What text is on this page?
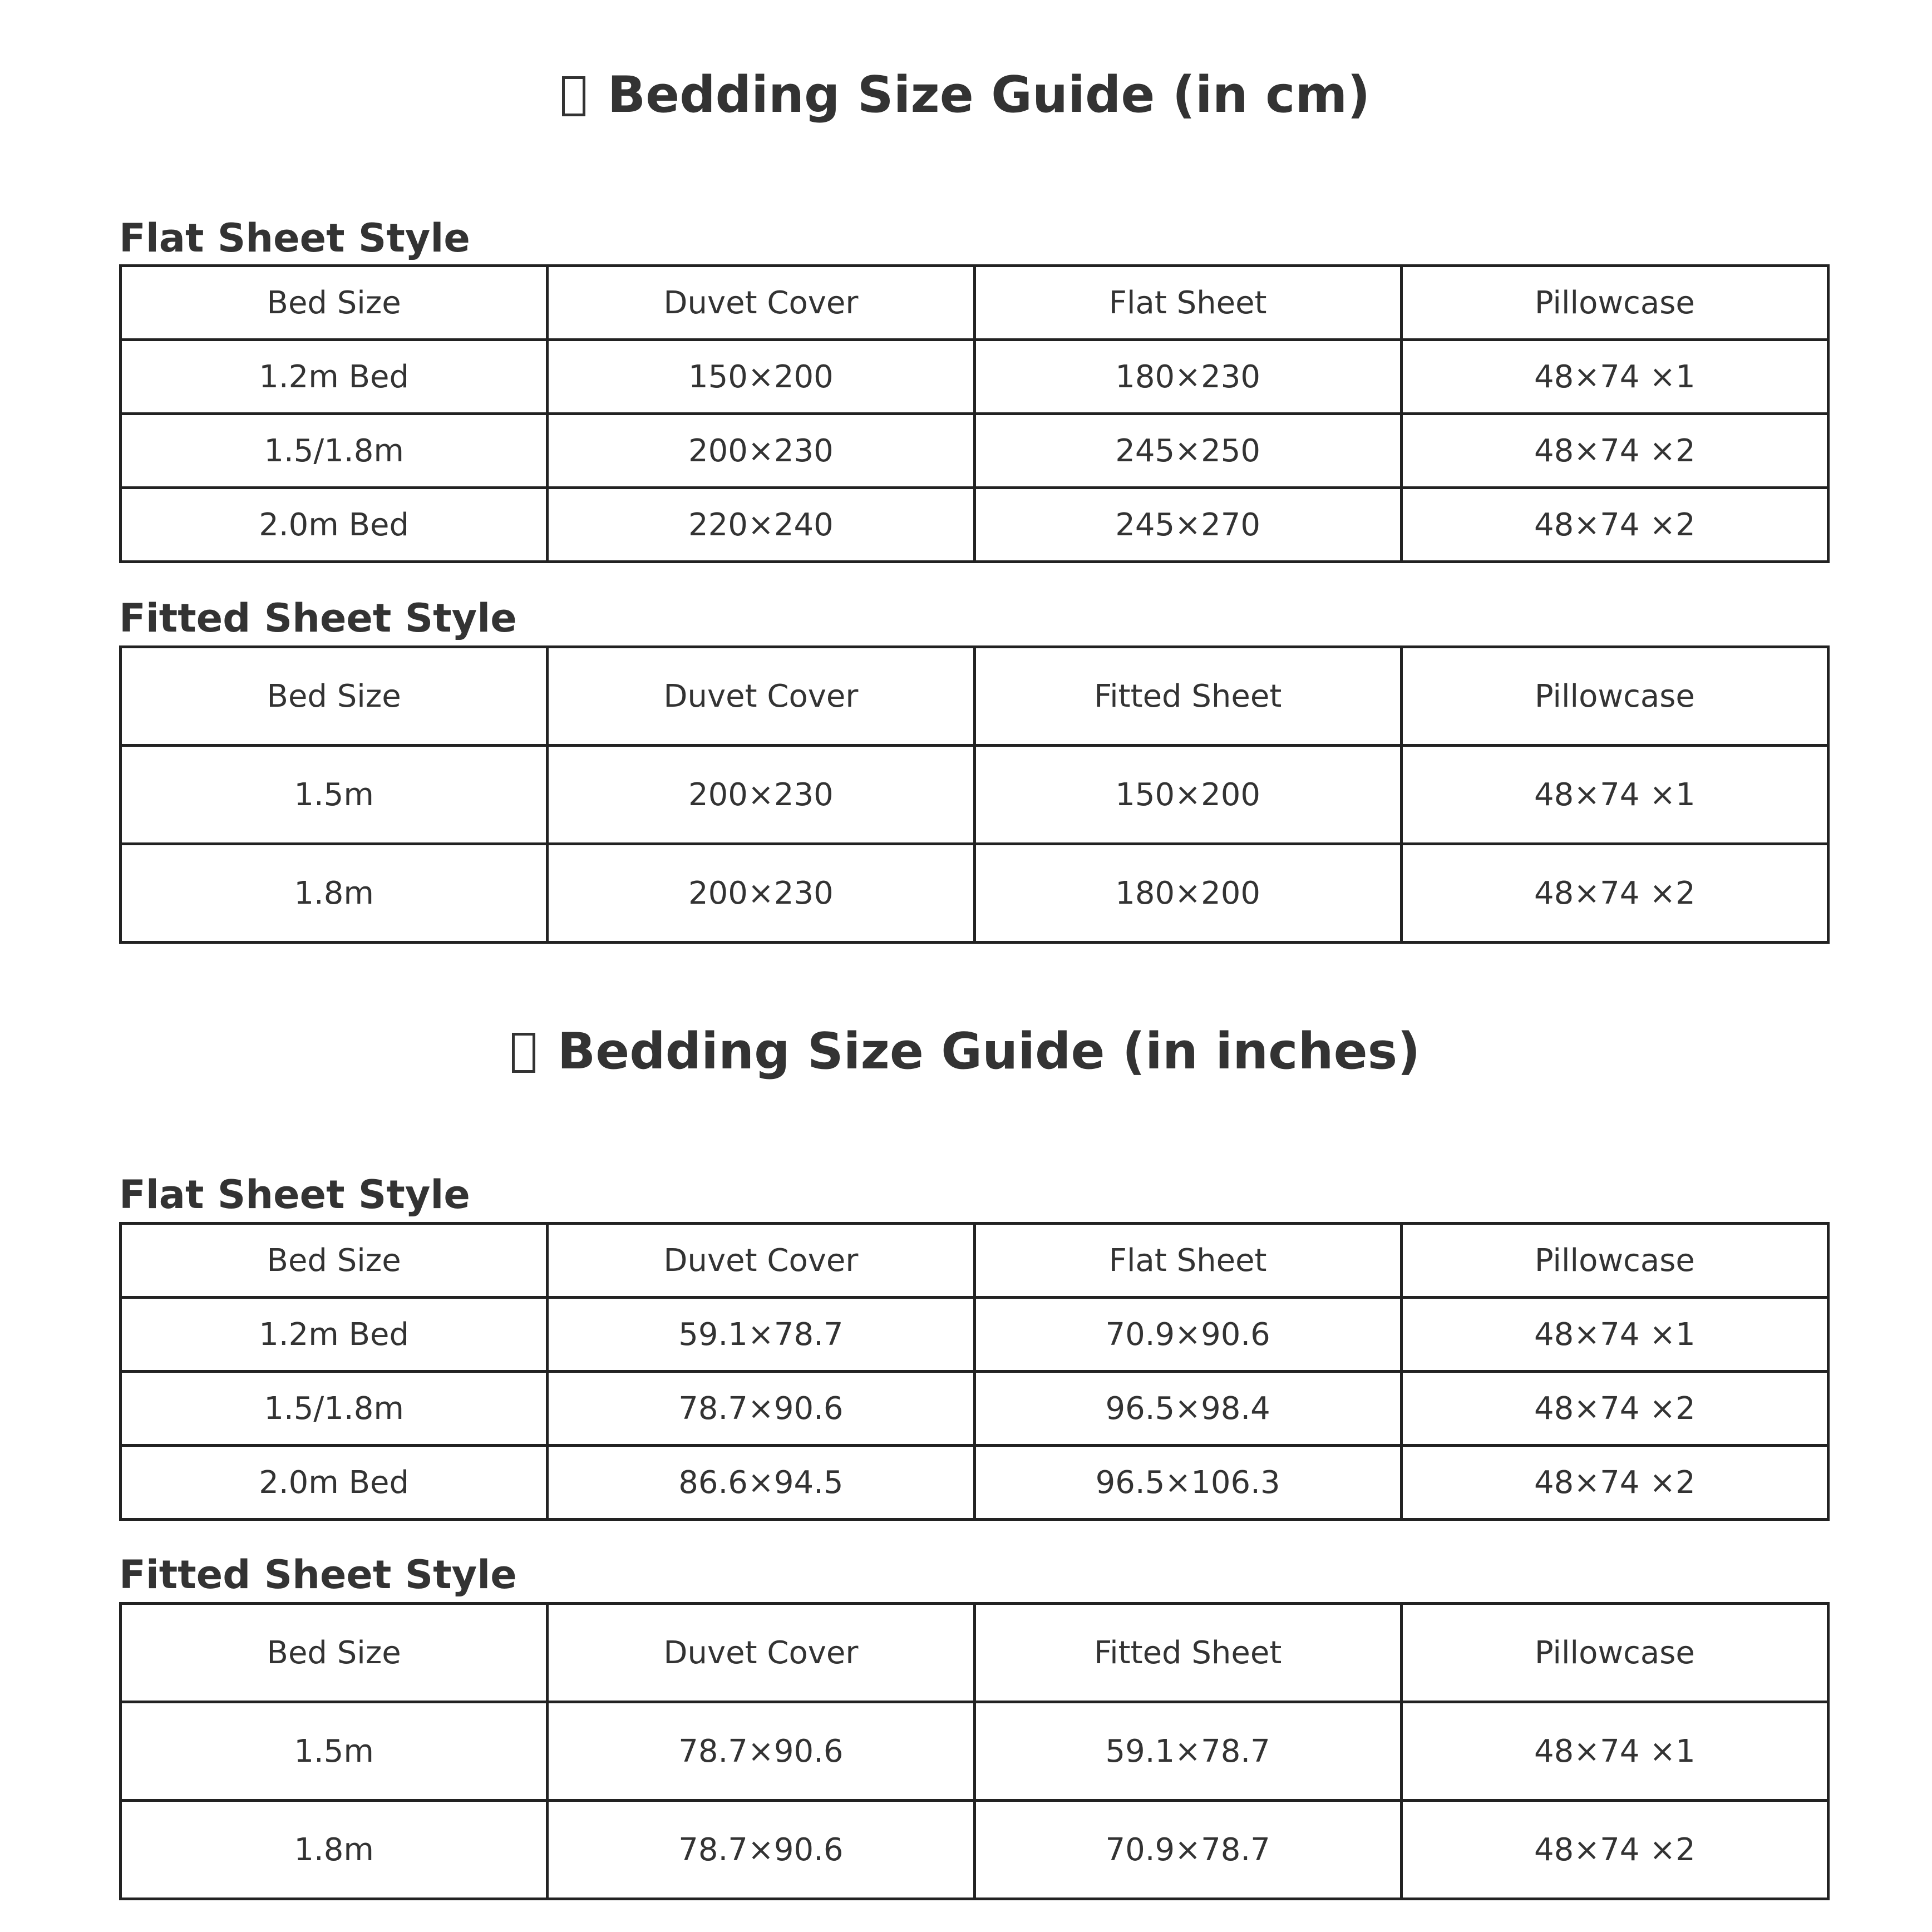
Bedding Size Guide (in cm)
Flat Sheet Style
Bed Size	Duvet Cover	Flat Sheet	Pillowcase
1.2m Bed	150×200	180×230	48×74 ×1
1.5/1.8m	200×230	245×250	48×74 ×2
2.0m Bed	220×240	245×270	48×74 ×2
Fitted Sheet Style
Bed Size	Duvet Cover	Fitted Sheet	Pillowcase
1.5m	200×230	150×200	48×74 ×1
1.8m	200×230	180×200	48×74 ×2
Bedding Size Guide (in inches)
Flat Sheet Style
Bed Size	Duvet Cover	Flat Sheet	Pillowcase
1.2m Bed	59.1×78.7	70.9×90.6	48×74 ×1
1.5/1.8m	78.7×90.6	96.5×98.4	48×74 ×2
2.0m Bed	86.6×94.5	96.5×106.3	48×74 ×2
Fitted Sheet Style
Bed Size	Duvet Cover	Fitted Sheet	Pillowcase
1.5m	78.7×90.6	59.1×78.7	48×74 ×1
1.8m	78.7×90.6	70.9×78.7	48×74 ×2
